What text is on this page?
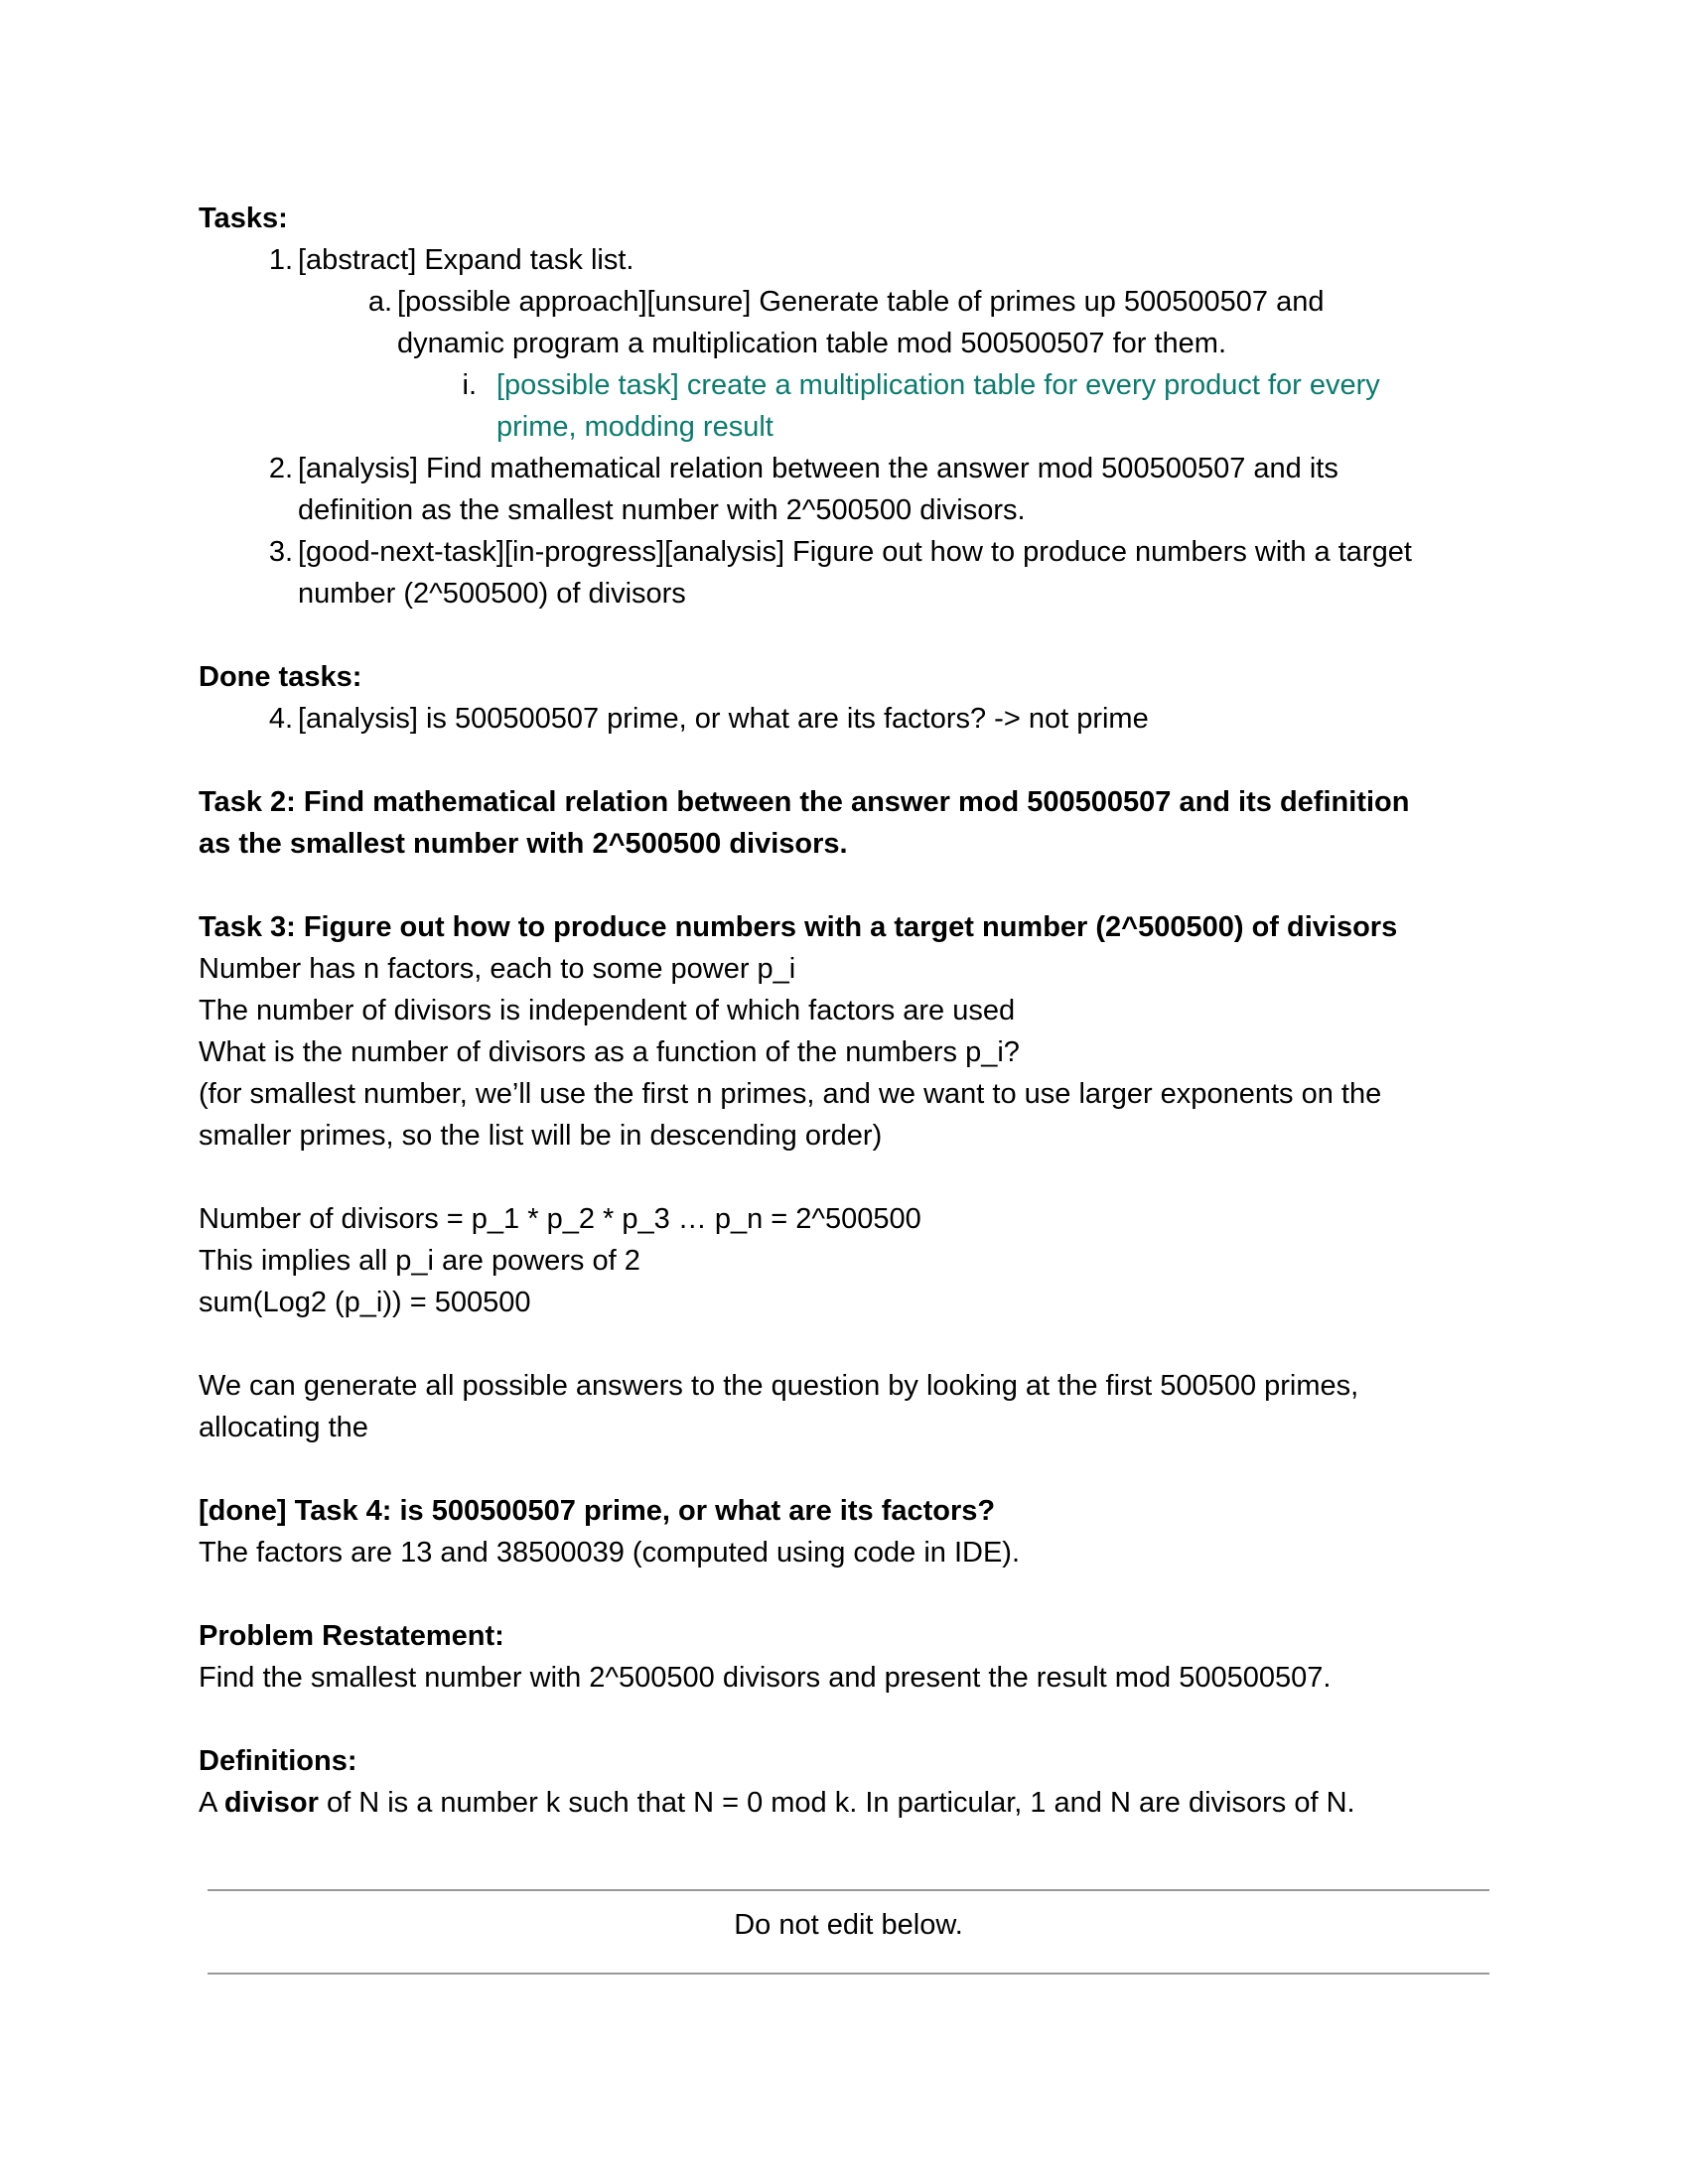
Tasks:
1. [abstract] Expand task list.
a. [possible approach][unsure] Generate table of primes up 500500507 and
dynamic program a multiplication table mod 500500507 for them.
i. [possible task] create a multiplication table for every product for every
prime, modding result
2. [analysis] Find mathematical relation between the answer mod 500500507 and its
definition as the smallest number with 2^500500 divisors.
3. [good-next-task][in-progress][analysis] Figure out how to produce numbers with a target
number (2^500500) of divisors
Done tasks:
4. [analysis] is 500500507 prime, or what are its factors? -> not prime
Task 2: Find mathematical relation between the answer mod 500500507 and its definition
as the smallest number with 2^500500 divisors.
Task 3: Figure out how to produce numbers with a target number (2^500500) of divisors
Number has n factors, each to some power p_i
The number of divisors is independent of which factors are used
What is the number of divisors as a function of the numbers p_i?
(for smallest number, we’ll use the first n primes, and we want to use larger exponents on the
smaller primes, so the list will be in descending order)
Number of divisors = p_1 * p_2 * p_3 … p_n = 2^500500
This implies all p_i are powers of 2
sum(Log2 (p_i)) = 500500
We can generate all possible answers to the question by looking at the first 500500 primes,
allocating the
[done] Task 4: is 500500507 prime, or what are its factors?
The factors are 13 and 38500039 (computed using code in IDE).
Problem Restatement:
Find the smallest number with 2^500500 divisors and present the result mod 500500507.
Definitions:
A divisor of N is a number k such that N = 0 mod k. In particular, 1 and N are divisors of N.
Do not edit below.
